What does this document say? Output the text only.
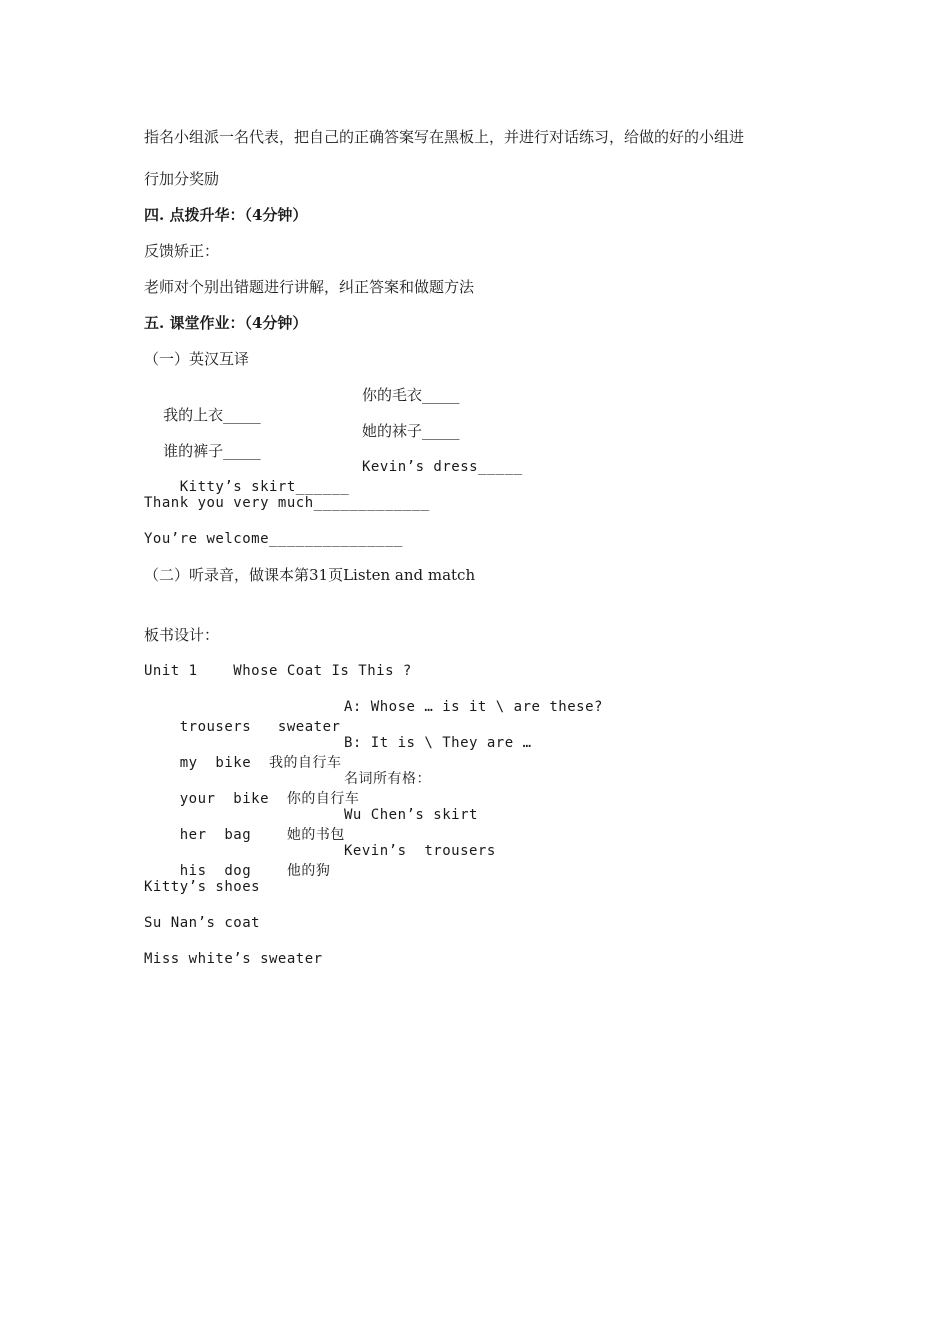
指名小组派一名代表，把自己的正确答案写在黑板上，并进行对话练习，给做的好的小组进
行加分奖励
四. 点拨升华：（4分钟）
反馈矫正：
老师对个别出错题进行讲解，纠正答案和做题方法
五. 课堂作业：（4分钟）
（一）英汉互译

我的上衣_____

你的毛衣_____

谁的裤子_____

她的袜子_____

Kitty’s skirt______

Kevin’s dress_____

Thank you very much_____________
You’re welcome_______________
（二）听录音，做课本第31页Listen and match
板书设计：
Unit 1    Whose Coat Is This ?

trousers   sweater

A: Whose … is it \ are these?

my  bike  我的自行车

B: It is \ They are …

your  bike  你的自行车

名词所有格：

her  bag    她的书包

Wu Chen’s skirt

his  dog    他的狗

Kevin’s  trousers

Kitty’s shoes
Su Nan’s coat
Miss white’s sweater
